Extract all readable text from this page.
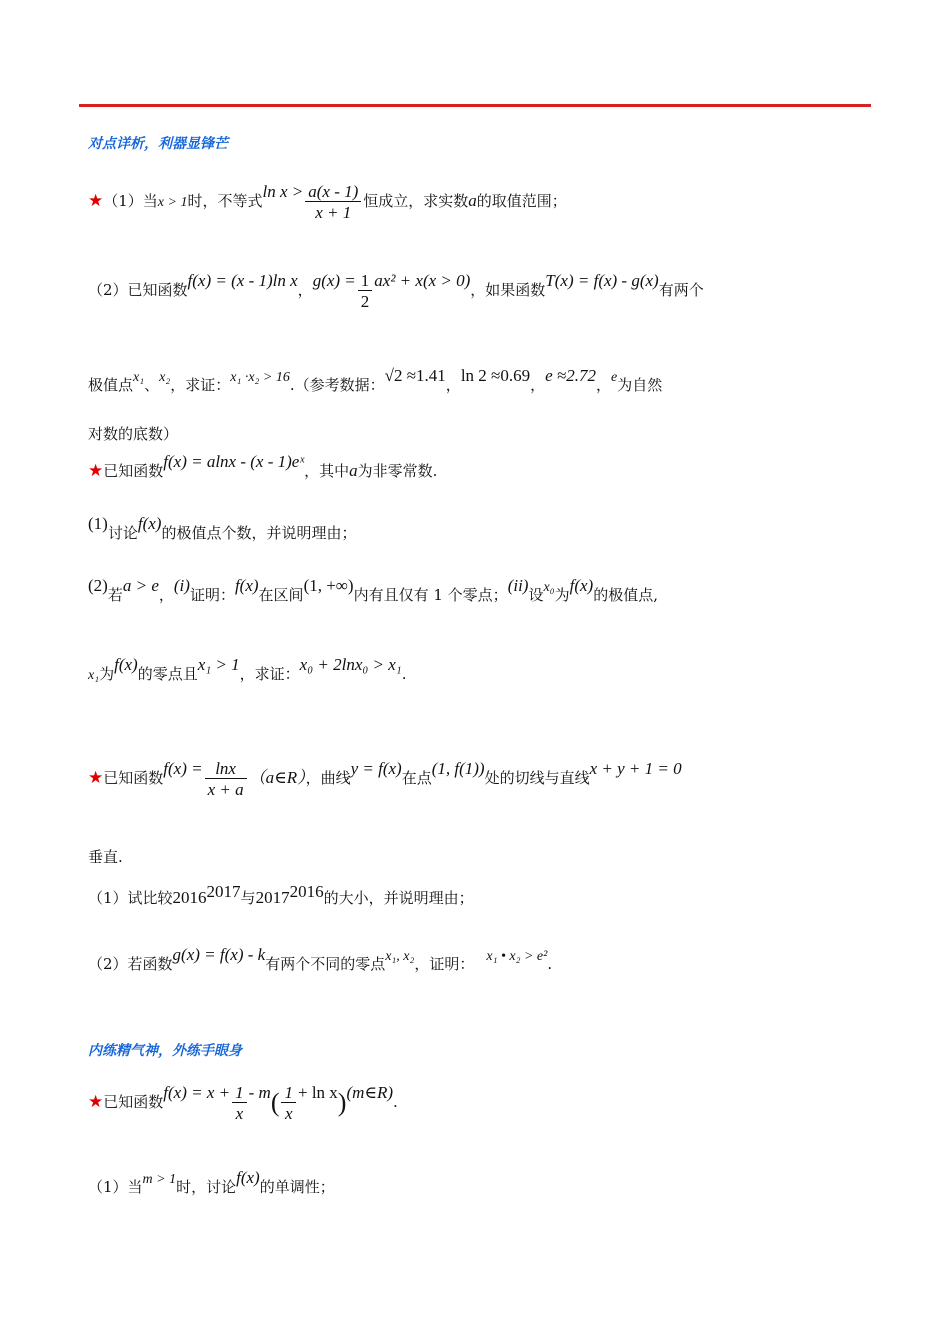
对点详析，利器显锋芒
★（1）当x > 1时，不等式$\ln x > \frac{a(x - 1)}{x + 1}$ 恒成立，求实数a的取值范围；
（2）已知函数f(x) = (x - 1)ln x，$g(x) = \frac{1}{2} ax^2 + x(x > 0)$，如果函数T(x) = f(x) - g(x)有两个
极值点x₁、x₂，求证：x₁ ·x₂ > 16.（参考数据：√2 ≈1.41，ln 2 ≈0.69，e ≈2.72，e为自然
对数的底数）
★已知函数f(x) = alnx - (x - 1)eˣ，其中a为非零常数.
(1)讨论f(x)的极值点个数，并说明理由；
(2)若a > e，(i)证明：f(x)在区间(1, +∞)内有且仅有 1 个零点；(ii)设x₀为f(x)的极值点,
x₁为f(x)的零点且x₁ > 1，求证：x₀ + 2lnx₀ > x₁.
★已知函数$f(x) = \frac{\ln x}{x + a}$ （a∈R），曲线y = f(x)在点(1, f(1))处的切线与直线x + y + 1 = 0
垂直.
（1）试比较$2016^{2017}$与$2017^{2016}$的大小，并说明理由；
（2）若函数g(x) = f(x) - k有两个不同的零点x₁, x₂，证明： x₁ • x₂ > e².
内练精气神，外练手眼身
★已知函数$f(x) = x + \frac{1}{x} - m( \frac{1}{x} + \ln$ x)(m∈R).
（1）当m > 1时，讨论f(x)的单调性；
